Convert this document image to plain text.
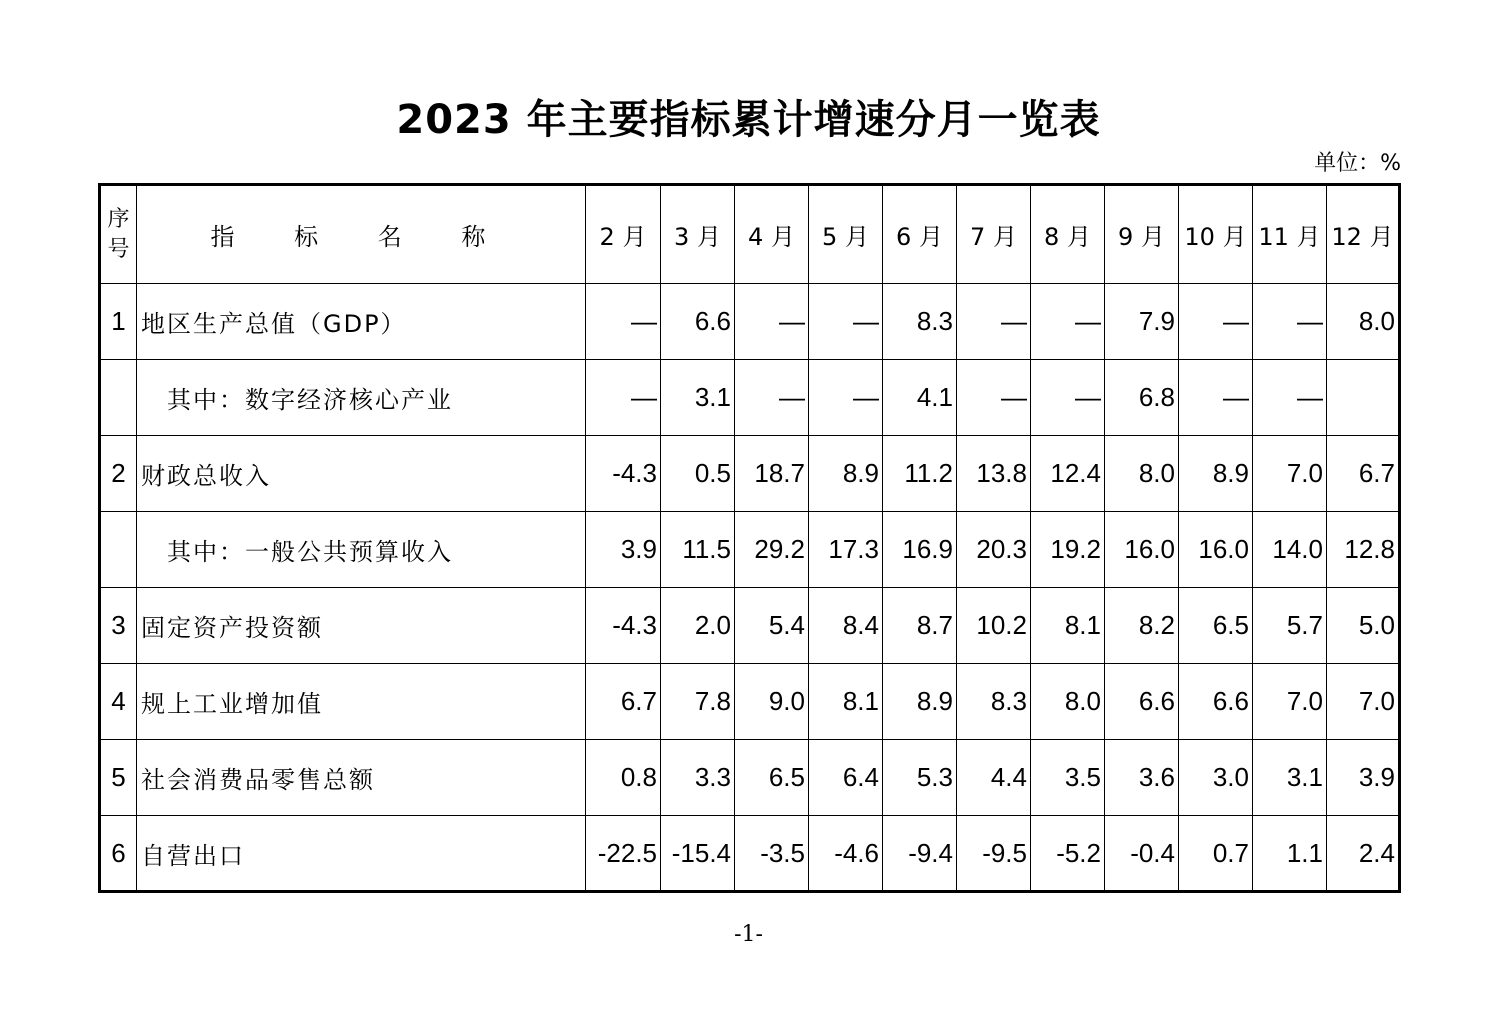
2023 年主要指标累计增速分月一览表
单位：%
序号	指 标 名 称	2 月	3 月	4 月	5 月	6 月	7 月	8 月	9 月	10 月	11 月	12 月
1	地区生产总值（GDP）	—	6.6	—	—	8.3	—	—	7.9	—	—	8.0
	其中：数字经济核心产业	—	3.1	—	—	4.1	—	—	6.8	—	—	
2	财政总收入	-4.3	0.5	18.7	8.9	11.2	13.8	12.4	8.0	8.9	7.0	6.7
	其中：一般公共预算收入	3.9	11.5	29.2	17.3	16.9	20.3	19.2	16.0	16.0	14.0	12.8
3	固定资产投资额	-4.3	2.0	5.4	8.4	8.7	10.2	8.1	8.2	6.5	5.7	5.0
4	规上工业增加值	6.7	7.8	9.0	8.1	8.9	8.3	8.0	6.6	6.6	7.0	7.0
5	社会消费品零售总额	0.8	3.3	6.5	6.4	5.3	4.4	3.5	3.6	3.0	3.1	3.9
6	自营出口	-22.5	-15.4	-3.5	-4.6	-9.4	-9.5	-5.2	-0.4	0.7	1.1	2.4
-1-
